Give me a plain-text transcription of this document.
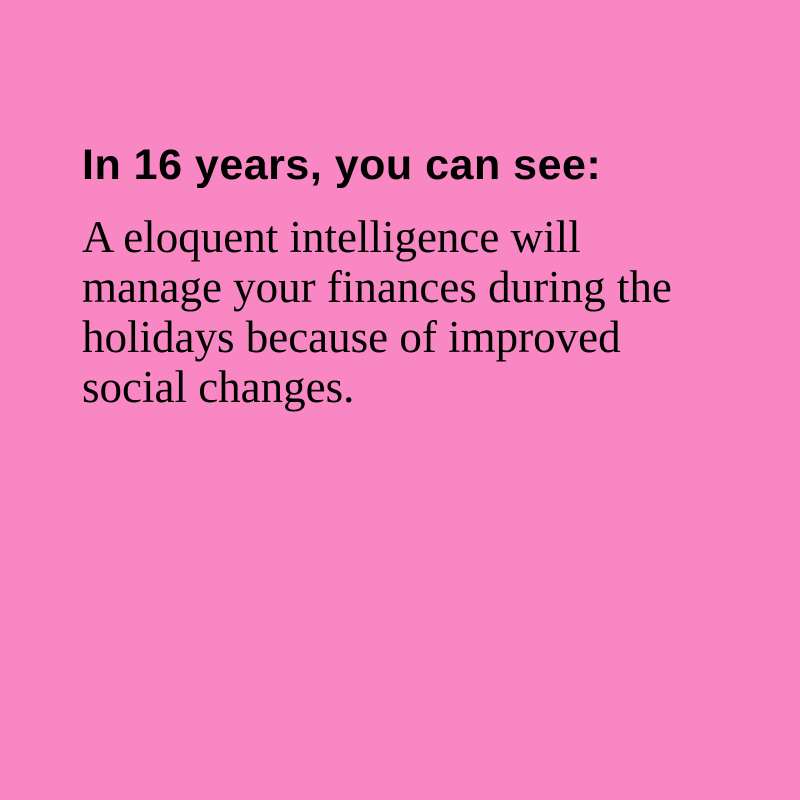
In 16 years, you can see:

A eloquent intelligence will manage your finances during the holidays because of improved social changes.
